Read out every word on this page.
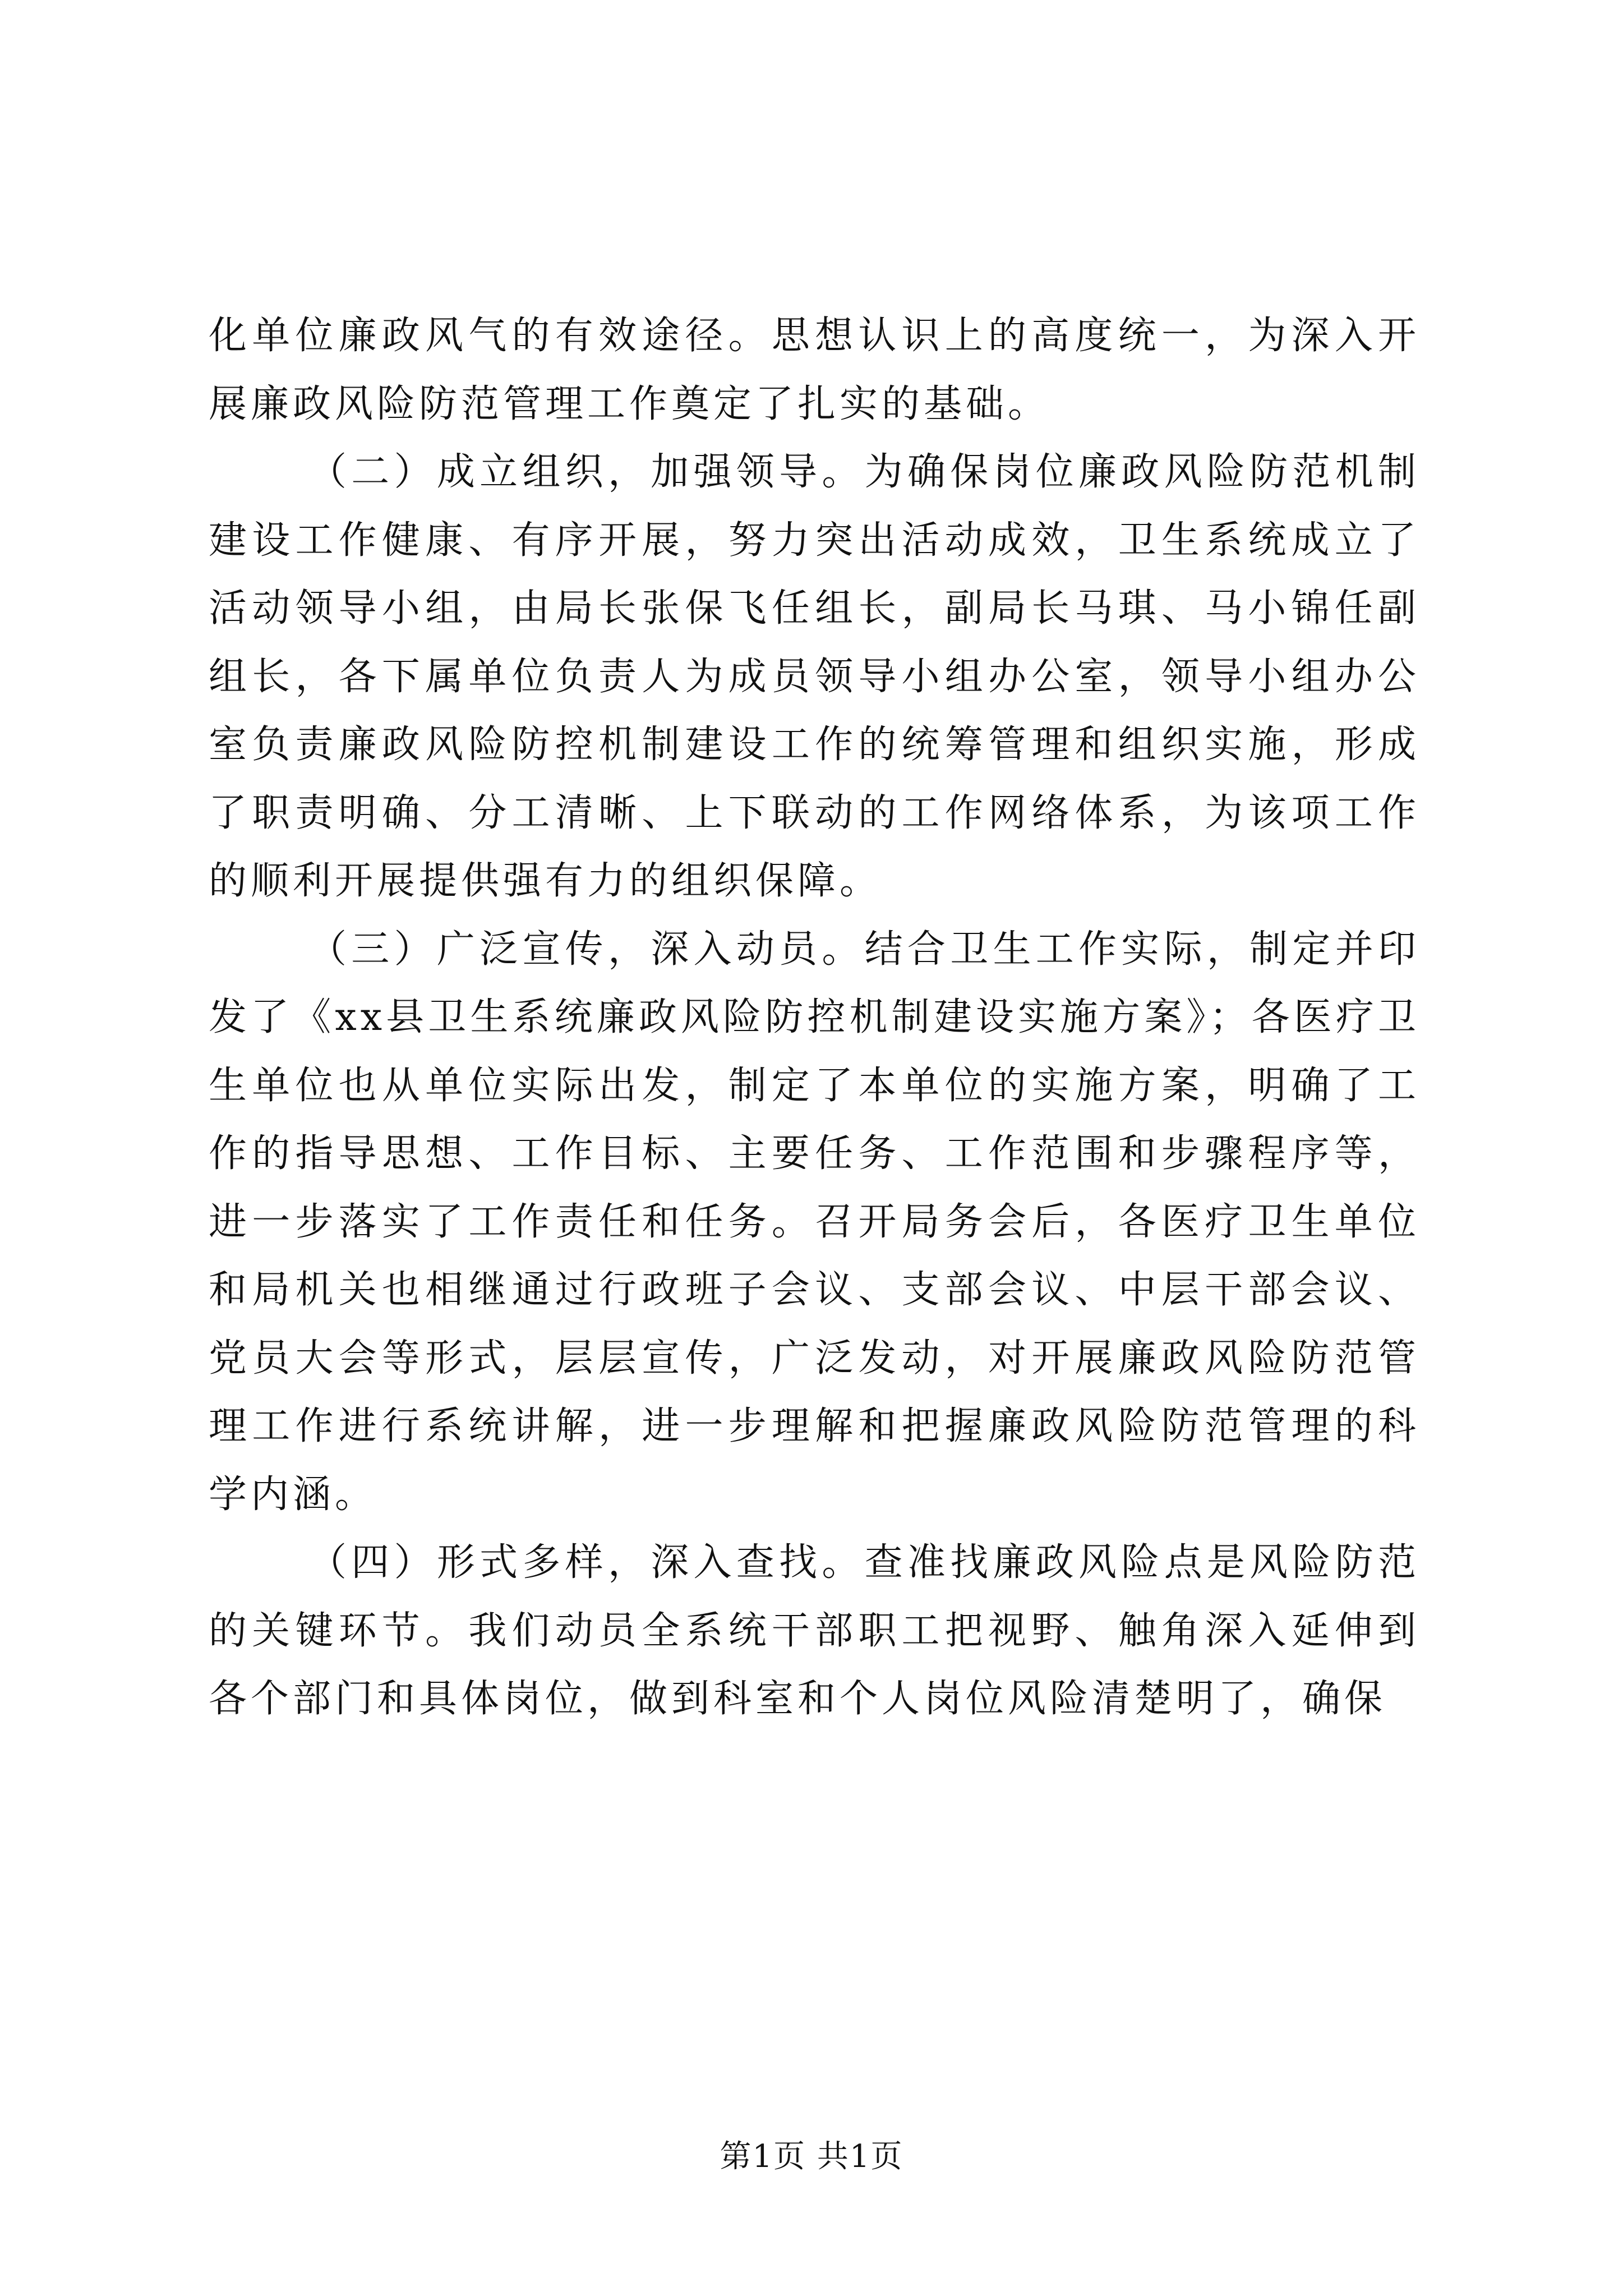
化单位廉政风气的有效途径。思想认识上的高度统一，为深入开展廉政风险防范管理工作奠定了扎实的基础。

（二）成立组织，加强领导。为确保岗位廉政风险防范机制建设工作健康、有序开展，努力突出活动成效，卫生系统成立了活动领导小组，由局长张保飞任组长，副局长马琪、马小锦任副组长，各下属单位负责人为成员领导小组办公室，领导小组办公室负责廉政风险防控机制建设工作的统筹管理和组织实施，形成了职责明确、分工清晰、上下联动的工作网络体系，为该项工作的顺利开展提供强有力的组织保障。

（三）广泛宣传，深入动员。结合卫生工作实际，制定并印发了《xx县卫生系统廉政风险防控机制建设实施方案》；各医疗卫生单位也从单位实际出发，制定了本单位的实施方案，明确了工作的指导思想、工作目标、主要任务、工作范围和步骤程序等，进一步落实了工作责任和任务。召开局务会后，各医疗卫生单位和局机关也相继通过行政班子会议、支部会议、中层干部会议、党员大会等形式，层层宣传，广泛发动，对开展廉政风险防范管理工作进行系统讲解，进一步理解和把握廉政风险防范管理的科学内涵。

（四）形式多样，深入查找。查准找廉政风险点是风险防范的关键环节。我们动员全系统干部职工把视野、触角深入延伸到各个部门和具体岗位，做到科室和个人岗位风险清楚明了，确保

第1页 共1页
